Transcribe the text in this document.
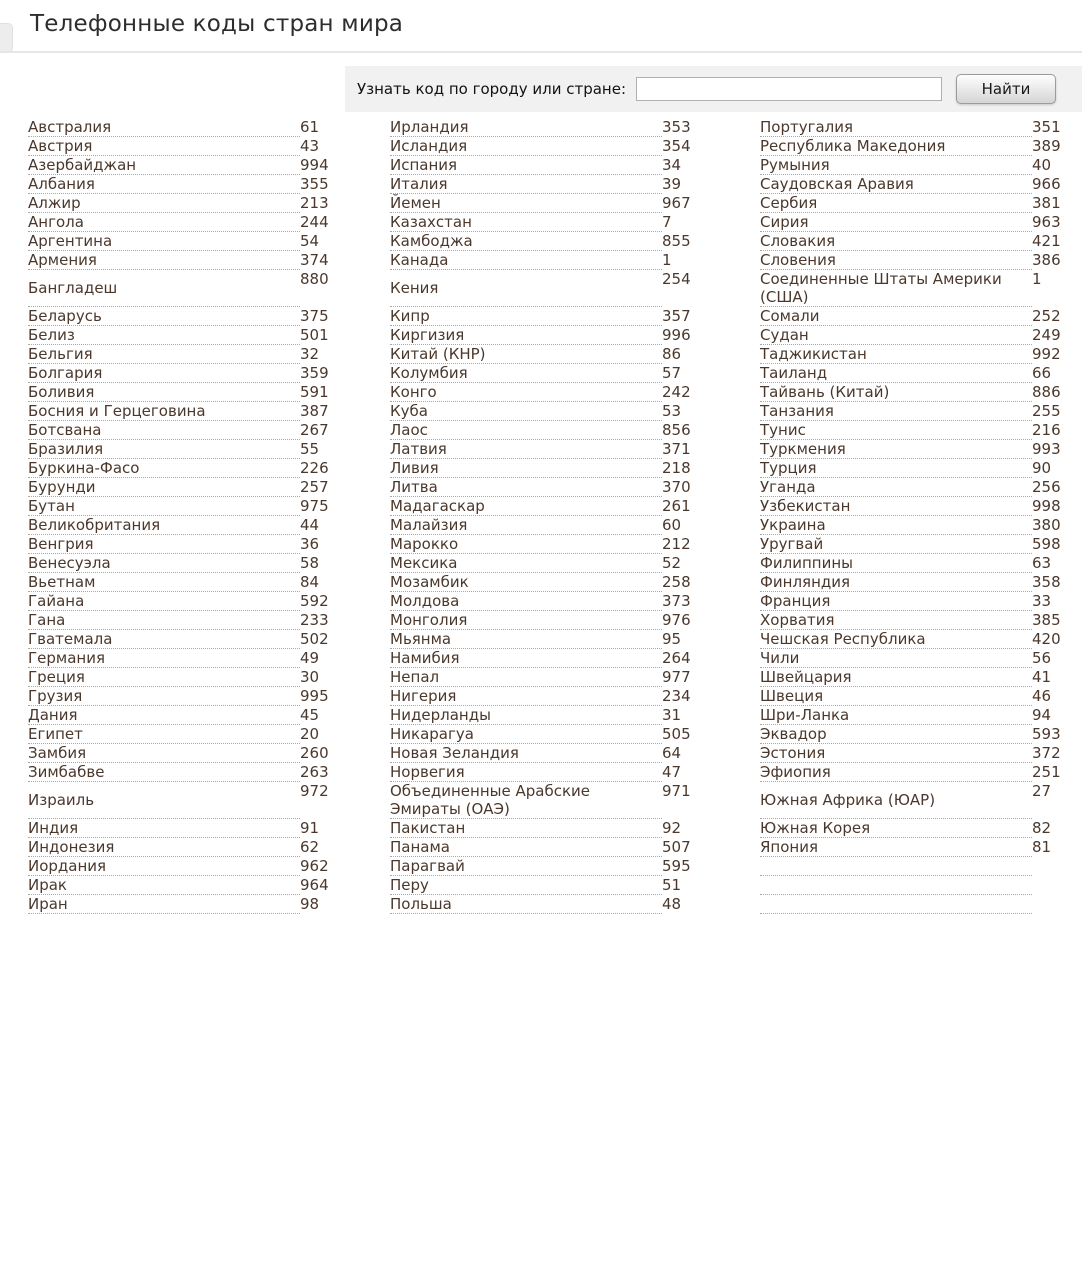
Телефонные коды стран мира
Узнать код по городу или стране:	Найти
Австралия	61		Ирландия	353		Португалия	351
Австрия	43		Исландия	354		Республика Македония	389
Азербайджан	994		Испания	34		Румыния	40
Албания	355		Италия	39		Саудовская Аравия	966
Алжир	213		Йемен	967		Сербия	381
Ангола	244		Казахстан	7		Сирия	963
Аргентина	54		Камбоджа	855		Словакия	421
Армения	374		Канада	1		Словения	386
Бангладеш	880		Кения	254		Соединенные Штаты Америки (США)	1
Беларусь	375		Кипр	357		Сомали	252
Белиз	501		Киргизия	996		Судан	249
Бельгия	32		Китай (КНР)	86		Таджикистан	992
Болгария	359		Колумбия	57		Таиланд	66
Боливия	591		Конго	242		Тайвань (Китай)	886
Босния и Герцеговина	387		Куба	53		Танзания	255
Ботсвана	267		Лаос	856		Тунис	216
Бразилия	55		Латвия	371		Туркмения	993
Буркина-Фасо	226		Ливия	218		Турция	90
Бурунди	257		Литва	370		Уганда	256
Бутан	975		Мадагаскар	261		Узбекистан	998
Великобритания	44		Малайзия	60		Украина	380
Венгрия	36		Марокко	212		Уругвай	598
Венесуэла	58		Мексика	52		Филиппины	63
Вьетнам	84		Мозамбик	258		Финляндия	358
Гайана	592		Молдова	373		Франция	33
Гана	233		Монголия	976		Хорватия	385
Гватемала	502		Мьянма	95		Чешская Республика	420
Германия	49		Намибия	264		Чили	56
Греция	30		Непал	977		Швейцария	41
Грузия	995		Нигерия	234		Швеция	46
Дания	45		Нидерланды	31		Шри-Ланка	94
Египет	20		Никарагуа	505		Эквадор	593
Замбия	260		Новая Зеландия	64		Эстония	372
Зимбабве	263		Норвегия	47		Эфиопия	251
Израиль	972		Объединенные Арабские Эмираты (ОАЭ)	971		Южная Африка (ЮАР)	27
Индия	91		Пакистан	92		Южная Корея	82
Индонезия	62		Панама	507		Япония	81
Иордания	962		Парагвай	595			
Ирак	964		Перу	51			
Иран	98		Польша	48			
